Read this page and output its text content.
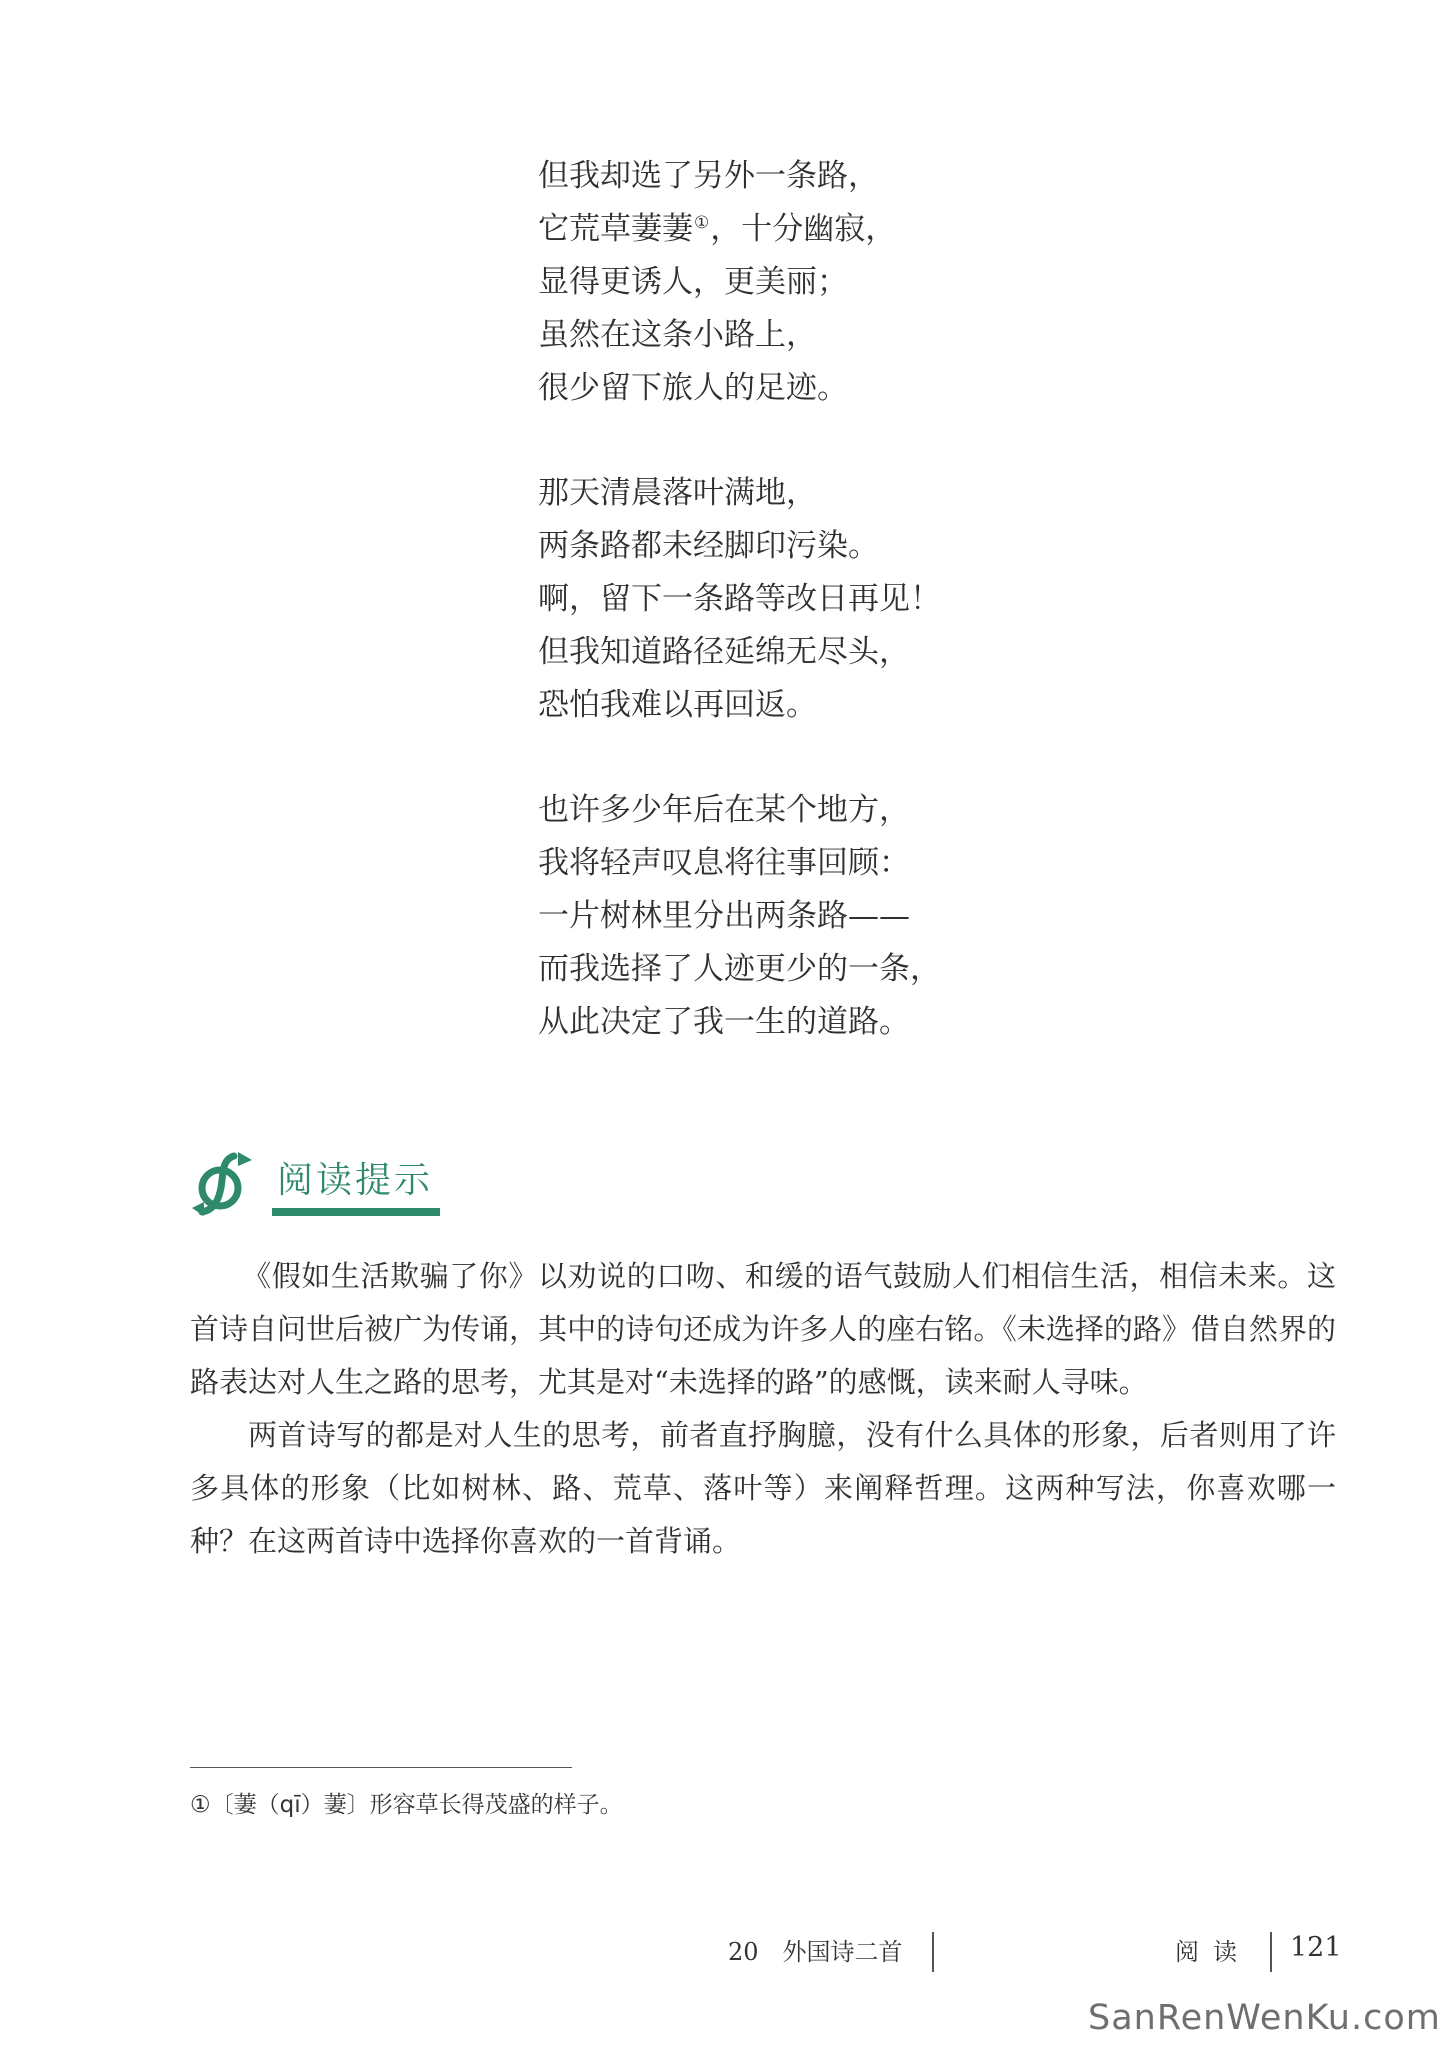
但我却选了另外一条路，
它荒草萋萋①，十分幽寂，
显得更诱人，更美丽；
虽然在这条小路上，
很少留下旅人的足迹。
那天清晨落叶满地，
两条路都未经脚印污染。
啊，留下一条路等改日再见！
但我知道路径延绵无尽头，
恐怕我难以再回返。
也许多少年后在某个地方，
我将轻声叹息将往事回顾：
一片树林里分出两条路——
而我选择了人迹更少的一条，
从此决定了我一生的道路。
阅读提示

《假如生活欺骗了你》以劝说的口吻、和缓的语气鼓励人们相信生活，相信未来。这首诗自问世后被广为传诵，其中的诗句还成为许多人的座右铭。《未选择的路》借自然界的路表达对人生之路的思考，尤其是对“未选择的路”的感慨，读来耐人寻味。

两首诗写的都是对人生的思考，前者直抒胸臆，没有什么具体的形象，后者则用了许多具体的形象（比如树林、路、荒草、落叶等）来阐释哲理。这两种写法，你喜欢哪一种？在这两首诗中选择你喜欢的一首背诵。

①〔萋（qī）萋〕形容草长得茂盛的样子。
20　外国诗二首	阅读 121
SanRenWenKu.com
